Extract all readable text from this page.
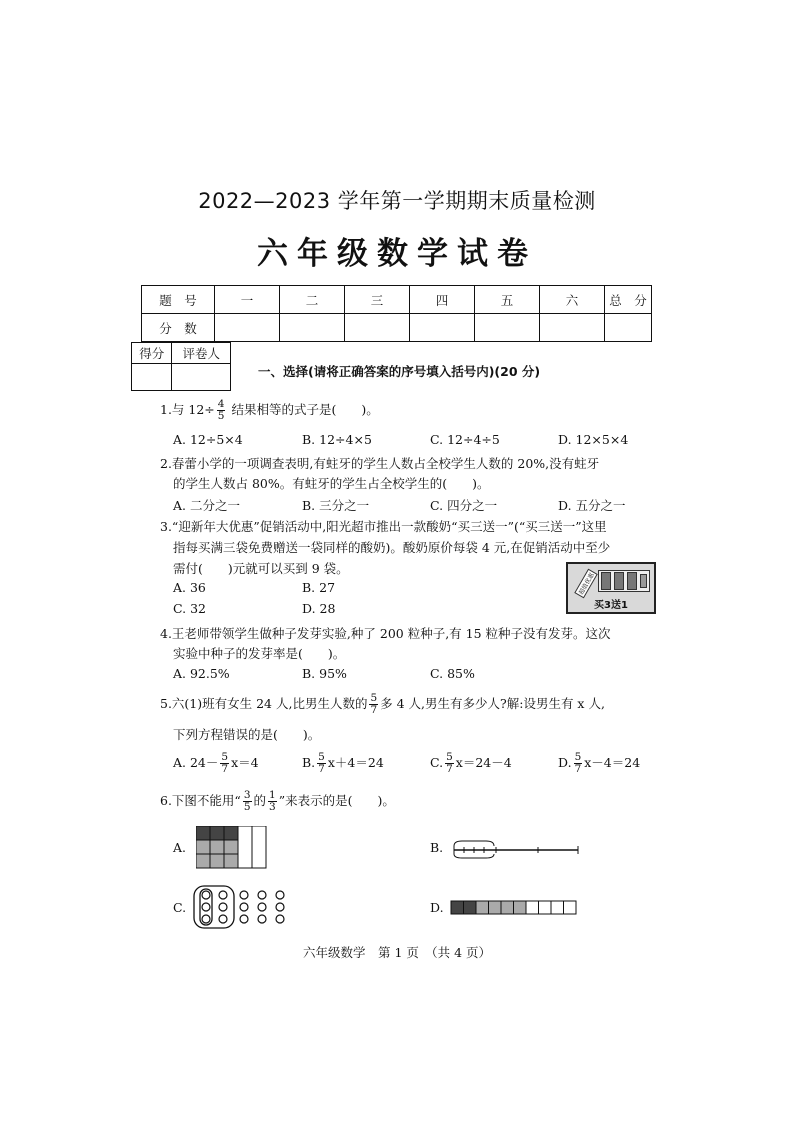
2022—2023 学年第一学期期末质量检测
六年级数学试卷
题　号	一	二	三	四	五	六	总　分
分　数							
得分	评卷人

一、选择(请将正确答案的序号填入括号内)(20 分)
1.与 $12\div \frac{4}{5}$ 结果相等的式子是(　　)。
A. 12÷5×4	B. 12÷4×5	C. 12÷4÷5	D. 12×5×4
2.春蕾小学的一项调查表明,有蛀牙的学生人数占全校学生人数的 20%,没有蛀牙
的学生人数占 80%。有蛀牙的学生占全校学生的(　　)。
A. 二分之一	B. 三分之一	C. 四分之一	D. 五分之一
3.“迎新年大优惠”促销活动中,阳光超市推出一款酸奶“买三送一”(“买三送一”这里
指每买满三袋免费赠送一袋同样的酸奶)。酸奶原价每袋 4 元,在促销活动中至少
需付(　　)元就可以买到 9 袋。
A. 36	B. 27
C. 32	D. 28
超值优惠
买3送1
4.王老师带领学生做种子发芽实验,种了 200 粒种子,有 15 粒种子没有发芽。这次
实验中种子的发芽率是(　　)。
A. 92.5%	B. 95%	C. 85%
5.六(1)班有女生 24 人,比男生人数的 $\frac{5}{7}$ 多 4 人,男生有多少人?解:设男生有 x 人,
下列方程错误的是(　　)。
A. $24- \frac{5}{7} x=4$	B. $\frac{5}{7} x+4=24$	C. $\frac{5}{7} x=24-4$	D. $\frac{5}{7} x-4=24$
6.下图不能用“ $\frac{3}{5}$ 的 $\frac{1}{3}$ ”来表示的是(　　)。
A.	B.
C.	D.
六年级数学　第 1 页　（共 4 页）
